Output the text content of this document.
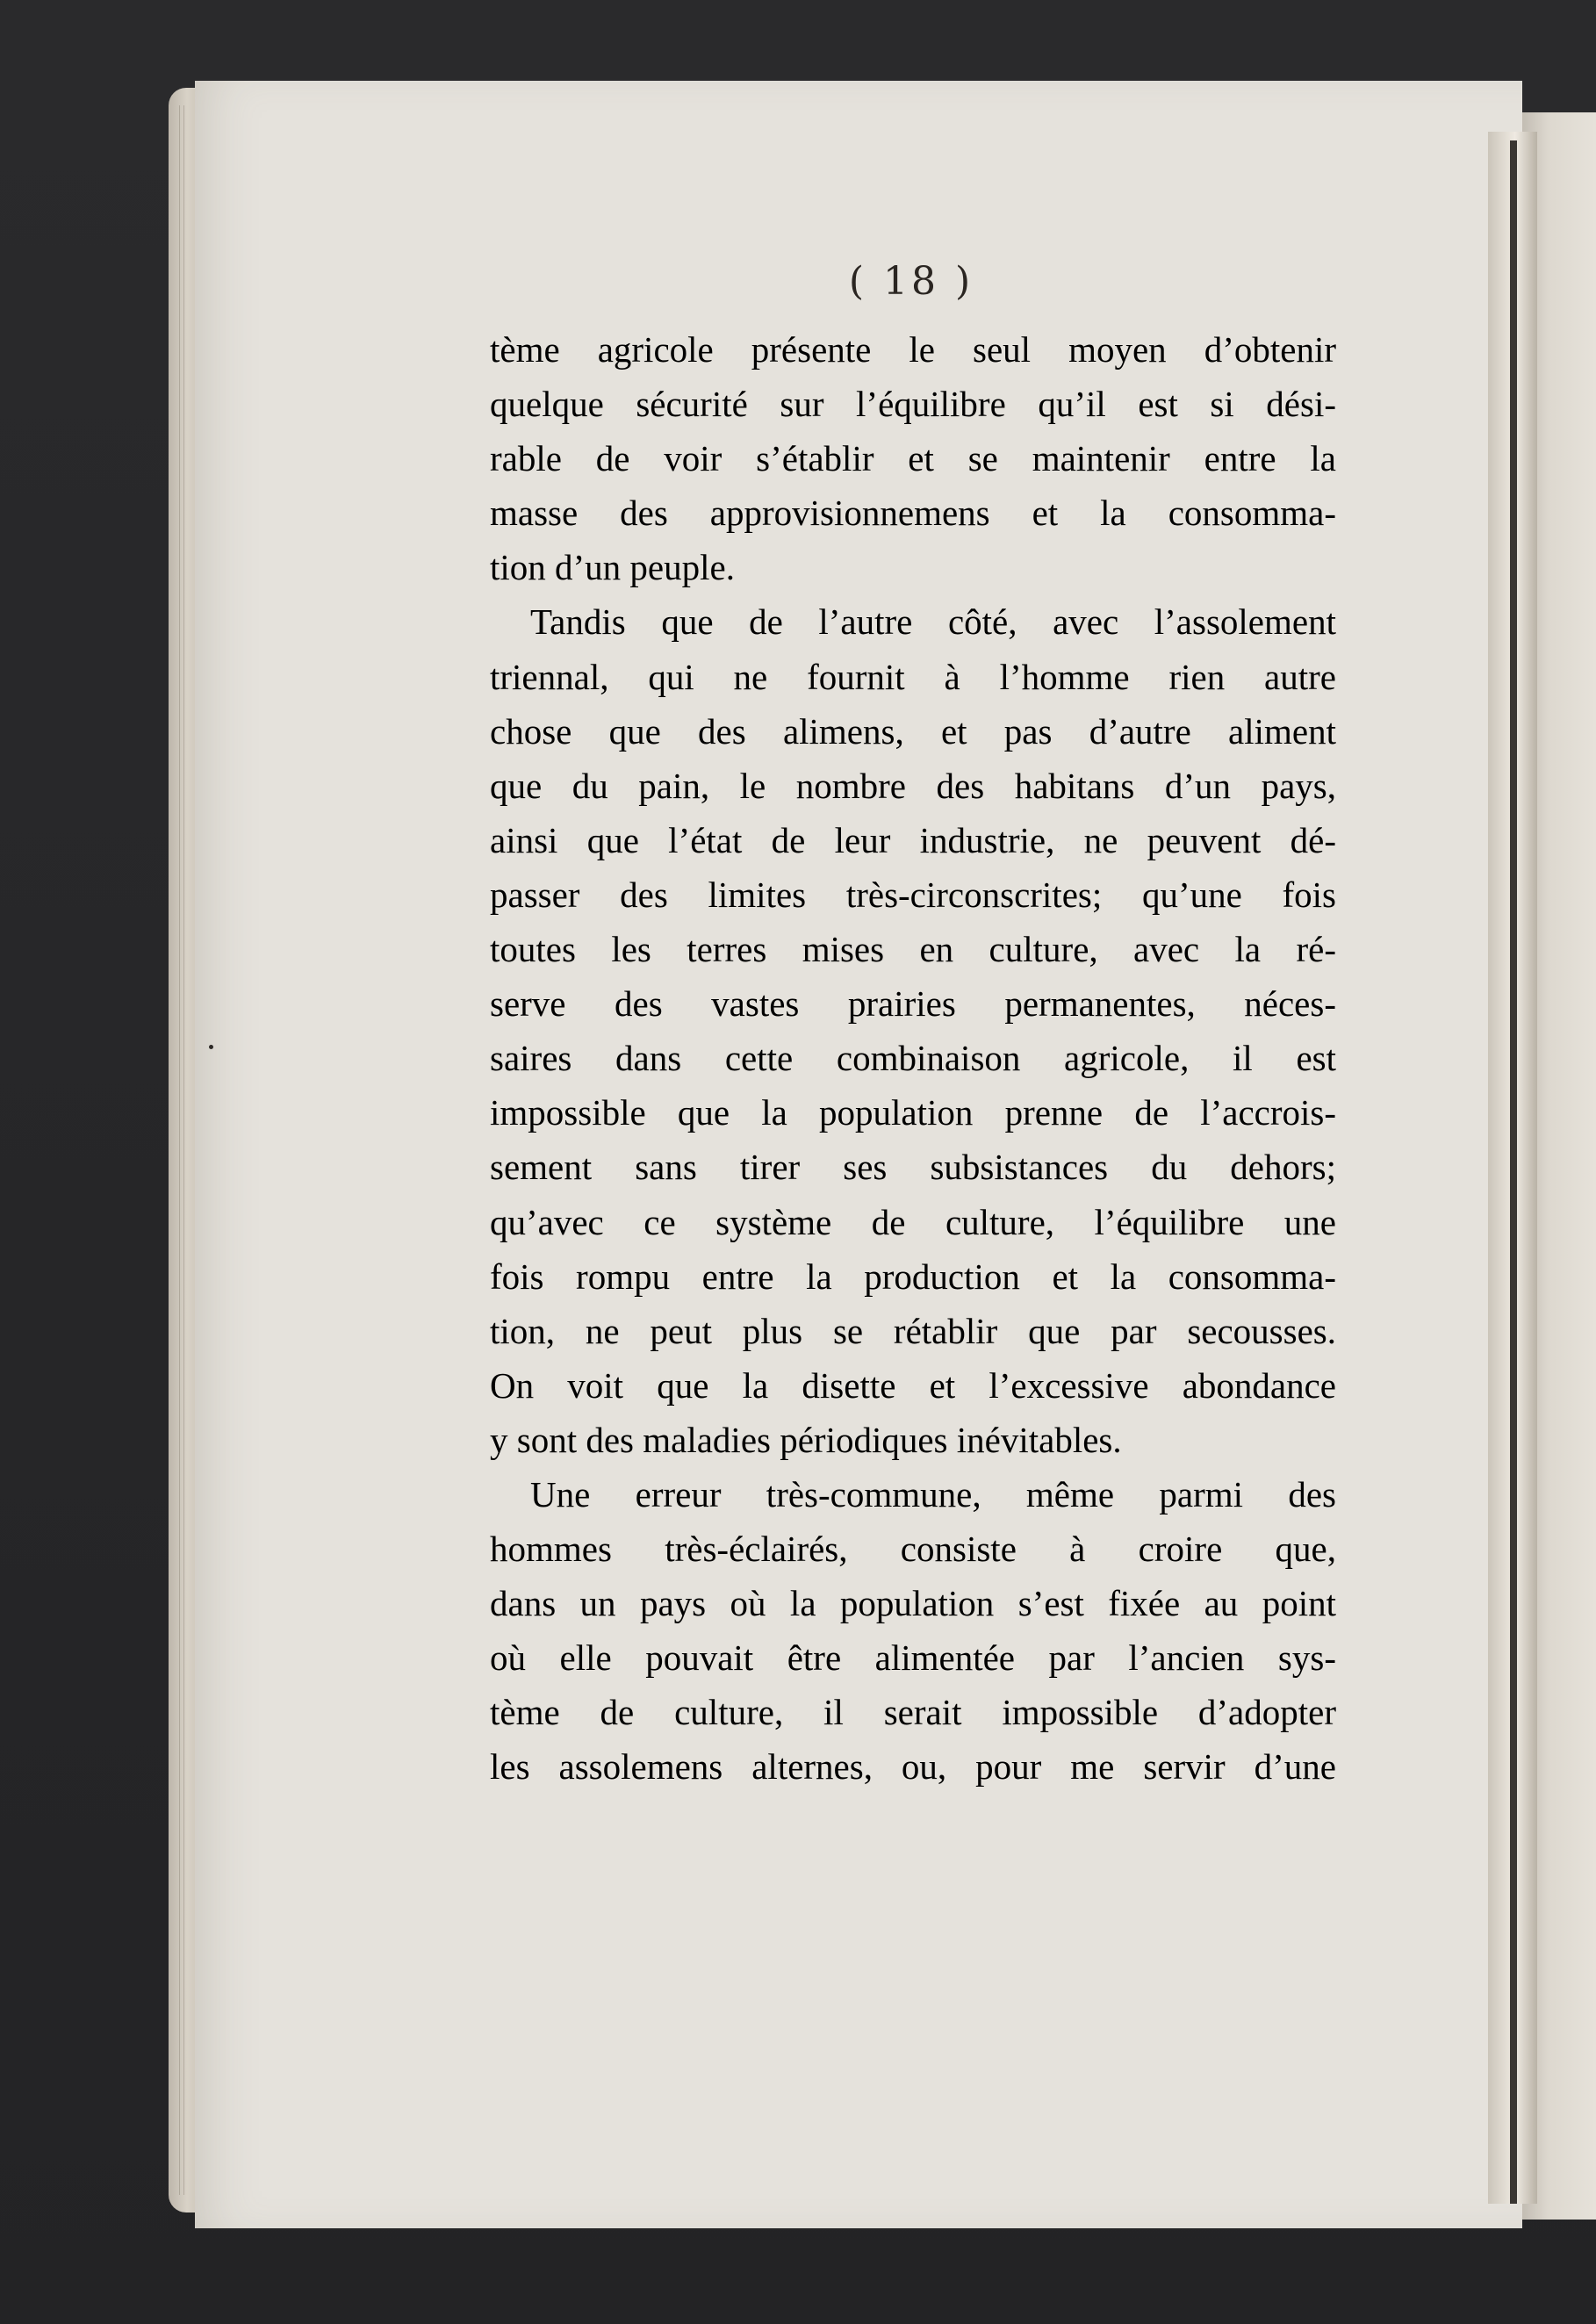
( 18 )
tème agricole présente le seul moyen d’obtenir
quelque sécurité sur l’équilibre qu’il est si dési-
rable de voir s’établir et se maintenir entre la
masse des approvisionnemens et la consomma-
tion d’un peuple.
Tandis que de l’autre côté, avec l’assolement
triennal, qui ne fournit à l’homme rien autre
chose que des alimens, et pas d’autre aliment
que du pain, le nombre des habitans d’un pays,
ainsi que l’état de leur industrie, ne peuvent dé-
passer des limites très-circonscrites; qu’une fois
toutes les terres mises en culture, avec la ré-
serve des vastes prairies permanentes, néces-
saires dans cette combinaison agricole, il est
impossible que la population prenne de l’accrois-
sement sans tirer ses subsistances du dehors;
qu’avec ce système de culture, l’équilibre une
fois rompu entre la production et la consomma-
tion, ne peut plus se rétablir que par secousses.
On voit que la disette et l’excessive abondance
y sont des maladies périodiques inévitables.
Une erreur très-commune, même parmi des
hommes très-éclairés, consiste à croire que,
dans un pays où la population s’est fixée au point
où elle pouvait être alimentée par l’ancien sys-
tème de culture, il serait impossible d’adopter
les assolemens alternes, ou, pour me servir d’une
